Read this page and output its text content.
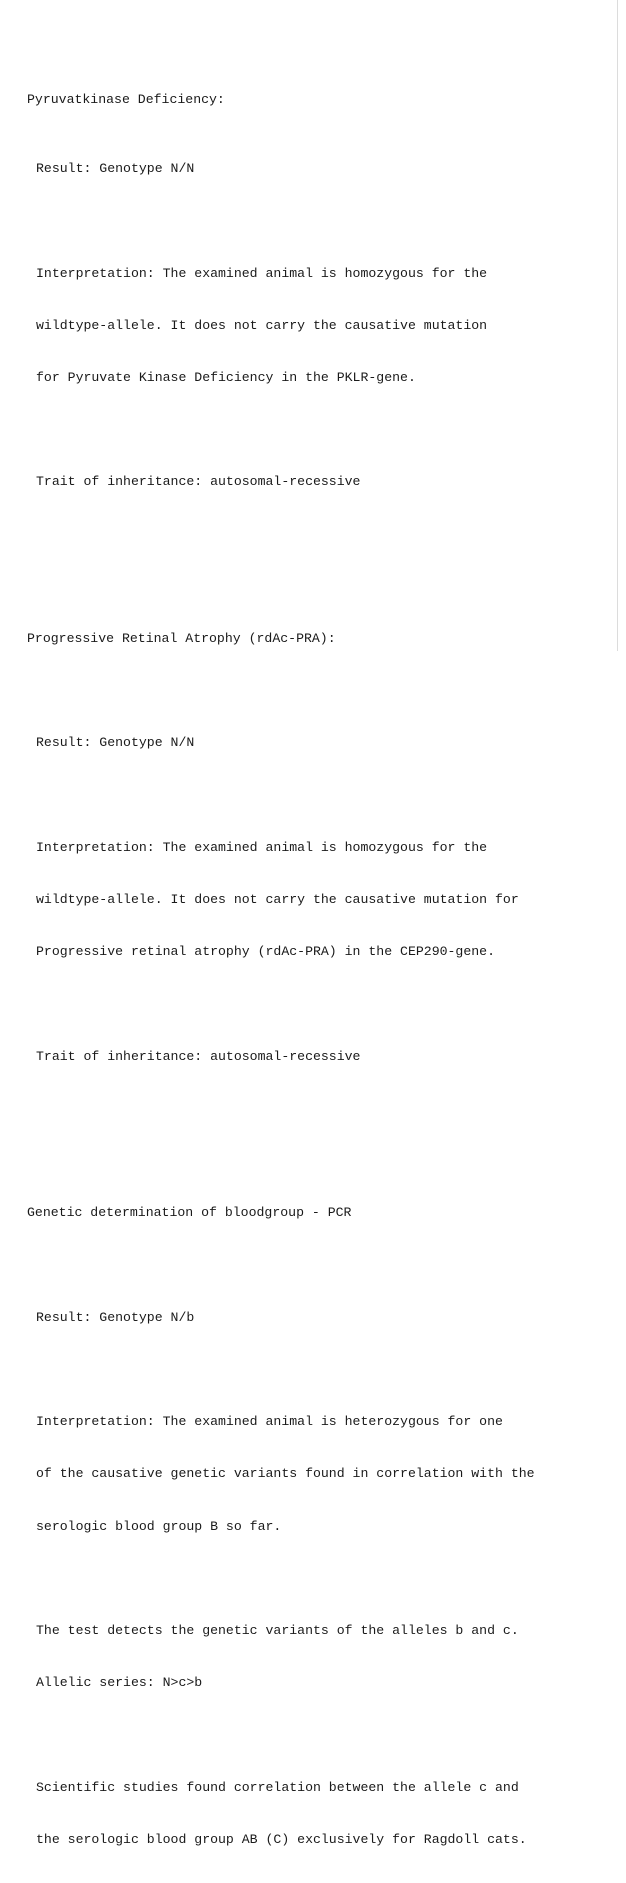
Pyruvatkinase Deficiency:

Result: Genotype N/N

Interpretation: The examined animal is homozygous for the

wildtype-allele. It does not carry the causative mutation

for Pyruvate Kinase Deficiency in the PKLR-gene.

Trait of inheritance: autosomal-recessive

Progressive Retinal Atrophy (rdAc-PRA):

Result: Genotype N/N

Interpretation: The examined animal is homozygous for the

wildtype-allele. It does not carry the causative mutation for

Progressive retinal atrophy (rdAc-PRA) in the CEP290-gene.

Trait of inheritance: autosomal-recessive

Genetic determination of bloodgroup - PCR

Result: Genotype N/b

Interpretation: The examined animal is heterozygous for one

of the causative genetic variants found in correlation with the

serologic blood group B so far.

The test detects the genetic variants of the alleles b and c.

Allelic series: N>c>b

Scientific studies found correlation between the allele c and

the serologic blood group AB (C) exclusively for Ragdoll cats.
